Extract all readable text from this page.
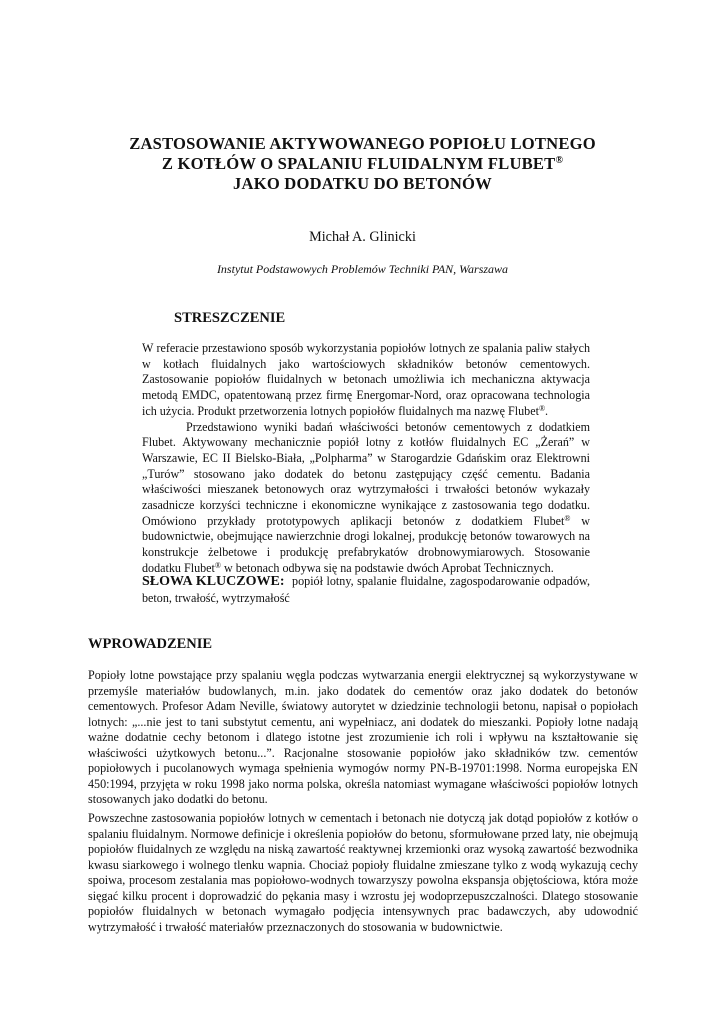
ZASTOSOWANIE AKTYWOWANEGO POPIOŁU LOTNEGO
Z KOTŁÓW O SPALANIU FLUIDALNYM FLUBET®
JAKO DODATKU DO BETONÓW
Michał A. Glinicki
Instytut Podstawowych Problemów Techniki PAN, Warszawa
STRESZCZENIE

W referacie przestawiono sposób wykorzystania popiołów lotnych ze spalania paliw stałych w kotłach fluidalnych jako wartościowych składników betonów cementowych. Zastosowanie popiołów fluidalnych w betonach umożliwia ich mechaniczna aktywacja metodą EMDC, opatentowaną przez firmę Energomar-Nord, oraz opracowana technologia ich użycia. Produkt przetworzenia lotnych popiołów fluidalnych ma nazwę Flubet®.

Przedstawiono wyniki badań właściwości betonów cementowych z dodatkiem Flubet. Aktywowany mechanicznie popiół lotny z kotłów fluidalnych EC „Żerań” w Warszawie, EC II Bielsko-Biała, „Polpharma” w Starogardzie Gdańskim oraz Elektrowni „Turów” stosowano jako dodatek do betonu zastępujący część cementu. Badania właściwości mieszanek betonowych oraz wytrzymałości i trwałości betonów wykazały zasadnicze korzyści techniczne i ekonomiczne wynikające z zastosowania tego dodatku. Omówiono przykłady prototypowych aplikacji betonów z dodatkiem Flubet® w budownictwie, obejmujące nawierzchnie drogi lokalnej, produkcję betonów towarowych na konstrukcje żelbetowe i produkcję prefabrykatów drobnowymiarowych. Stosowanie dodatku Flubet® w betonach odbywa się na podstawie dwóch Aprobat Technicznych.

SŁOWA KLUCZOWE: popiół lotny, spalanie fluidalne, zagospodarowanie odpadów, beton, trwałość, wytrzymałość
WPROWADZENIE

Popioły lotne powstające przy spalaniu węgla podczas wytwarzania energii elektrycznej są wykorzystywane w przemyśle materiałów budowlanych, m.in. jako dodatek do cementów oraz jako dodatek do betonów cementowych. Profesor Adam Neville, światowy autorytet w dziedzinie technologii betonu, napisał o popiołach lotnych: „...nie jest to tani substytut cementu, ani wypełniacz, ani dodatek do mieszanki. Popioły lotne nadają ważne dodatnie cechy betonom i dlatego istotne jest zrozumienie ich roli i wpływu na kształtowanie się właściwości użytkowych betonu...”. Racjonalne stosowanie popiołów jako składników tzw. cementów popiołowych i pucolanowych wymaga spełnienia wymogów normy PN-B-19701:1998. Norma europejska EN 450:1994, przyjęta w roku 1998 jako norma polska, określa natomiast wymagane właściwości popiołów lotnych stosowanych jako dodatki do betonu.

Powszechne zastosowania popiołów lotnych w cementach i betonach nie dotyczą jak dotąd popiołów z kotłów o spalaniu fluidalnym. Normowe definicje i określenia popiołów do betonu, sformułowane przed laty, nie obejmują popiołów fluidalnych ze względu na niską zawartość reaktywnej krzemionki oraz wysoką zawartość bezwodnika kwasu siarkowego i wolnego tlenku wapnia. Chociaż popioły fluidalne zmieszane tylko z wodą wykazują cechy spoiwa, procesom zestalania mas popiołowo-wodnych towarzyszy powolna ekspansja objętościowa, która może sięgać kilku procent i doprowadzić do pękania masy i wzrostu jej wodoprzepuszczalności. Dlatego stosowanie popiołów fluidalnych w betonach wymagało podjęcia intensywnych prac badawczych, aby udowodnić wytrzymałość i trwałość materiałów przeznaczonych do stosowania w budownictwie.
